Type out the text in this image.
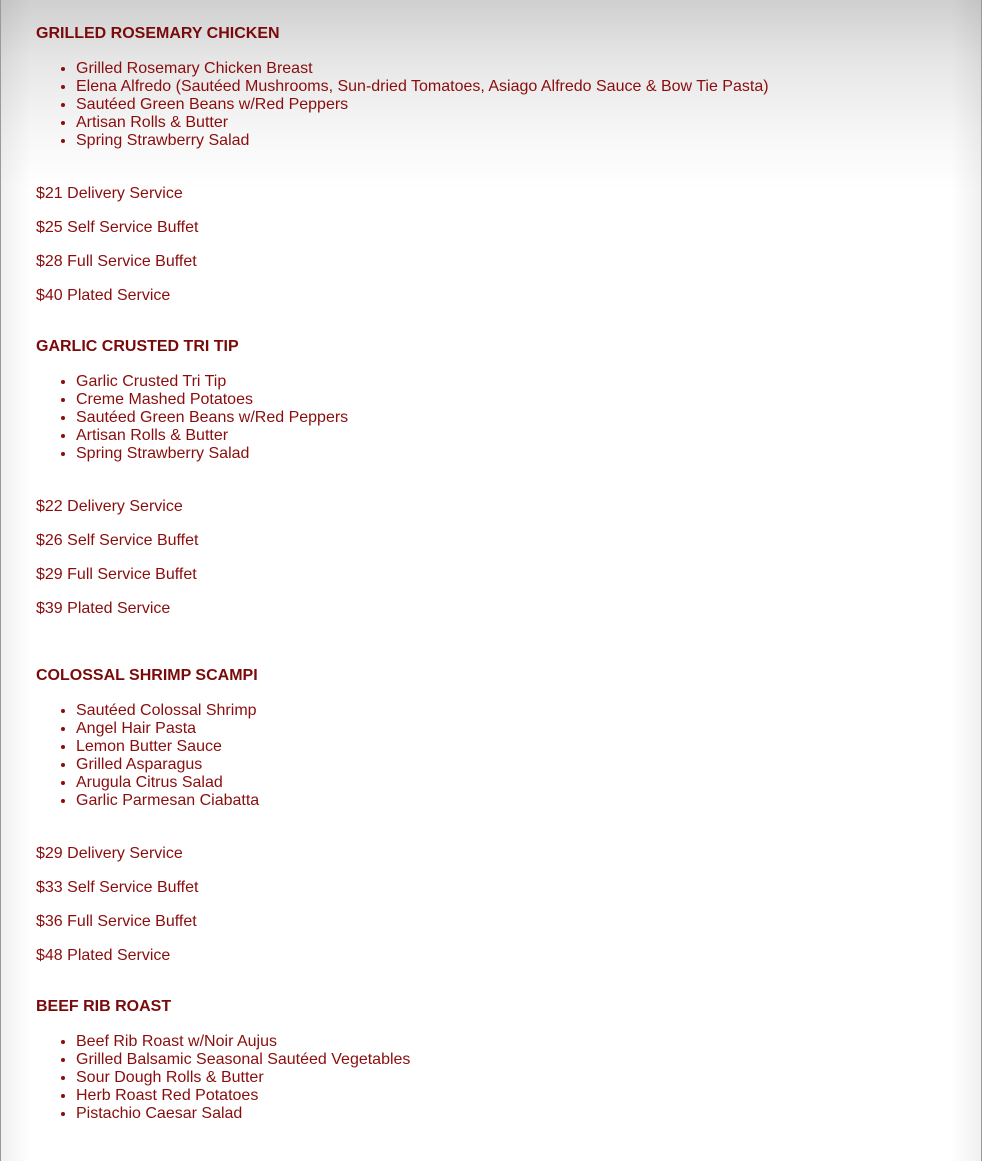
GRILLED ROSEMARY CHICKEN
• Grilled Rosemary Chicken Breast
• Elena Alfredo (Sautéed Mushrooms, Sun-dried Tomatoes, Asiago Alfredo Sauce & Bow Tie Pasta)
• Sautéed Green Beans w/Red Peppers
• Artisan Rolls & Butter
• Spring Strawberry Salad

$21 Delivery Service

$25 Self Service Buffet

$28 Full Service Buffet

$40 Plated Service

GARLIC CRUSTED TRI TIP
• Garlic Crusted Tri Tip
• Creme Mashed Potatoes
• Sautéed Green Beans w/Red Peppers
• Artisan Rolls & Butter
• Spring Strawberry Salad

$22 Delivery Service

$26 Self Service Buffet

$29 Full Service Buffet

$39 Plated Service

COLOSSAL SHRIMP SCAMPI
• Sautéed Colossal Shrimp
• Angel Hair Pasta
• Lemon Butter Sauce
• Grilled Asparagus
• Arugula Citrus Salad
• Garlic Parmesan Ciabatta

$29 Delivery Service

$33 Self Service Buffet

$36 Full Service Buffet

$48 Plated Service

BEEF RIB ROAST
• Beef Rib Roast w/Noir Aujus
• Grilled Balsamic Seasonal Sautéed Vegetables
• Sour Dough Rolls & Butter
• Herb Roast Red Potatoes
• Pistachio Caesar Salad
